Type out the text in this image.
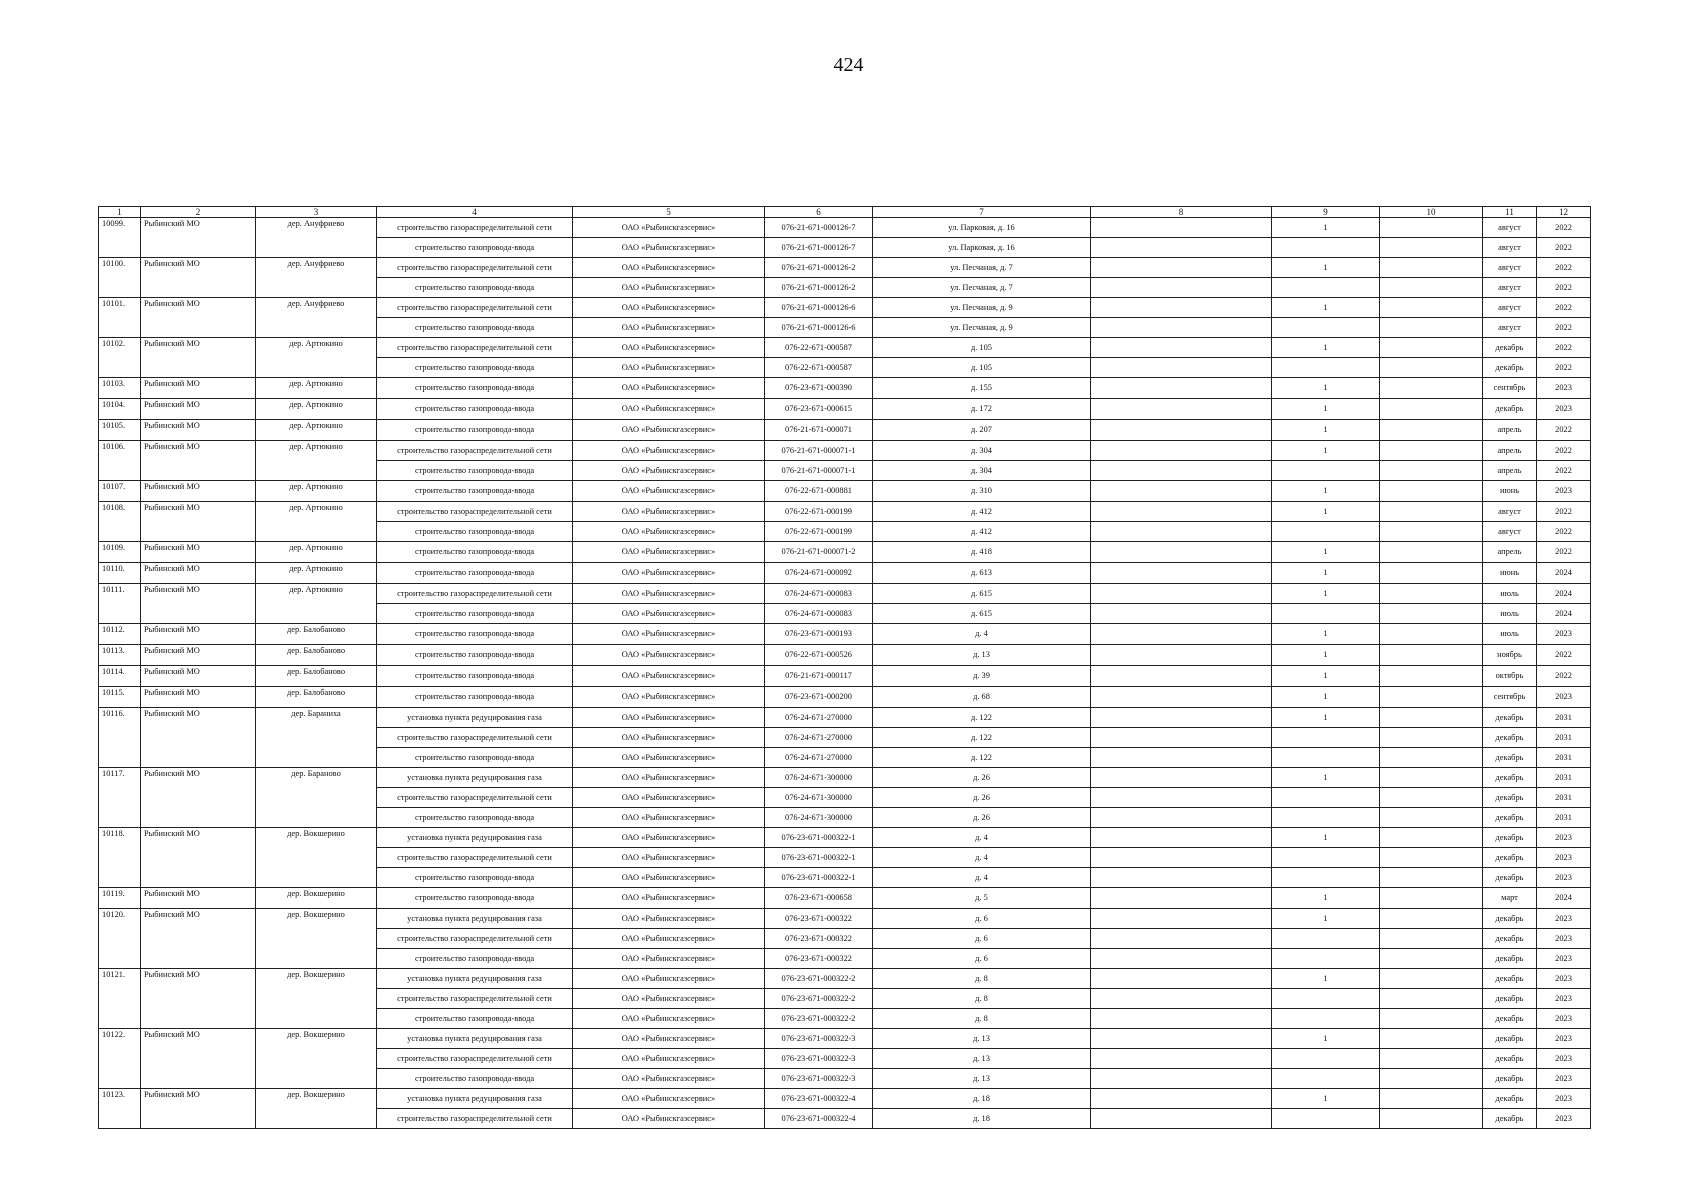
424
1	2	3	4	5	6	7	8	9	10	11	12
10099.	Рыбинский МО	дер. Ануфриево	строительство газораспределительной сети	ОАО «Рыбинскгазсервис»	076-21-671-000126-7	ул. Парковая, д. 16		1		август	2022
			строительство газопровода-ввода	ОАО «Рыбинскгазсервис»	076-21-671-000126-7	ул. Парковая, д. 16				август	2022
10100.	Рыбинский МО	дер. Ануфриево	строительство газораспределительной сети	ОАО «Рыбинскгазсервис»	076-21-671-000126-2	ул. Песчаная, д. 7		1		август	2022
			строительство газопровода-ввода	ОАО «Рыбинскгазсервис»	076-21-671-000126-2	ул. Песчаная, д. 7				август	2022
10101.	Рыбинский МО	дер. Ануфриево	строительство газораспределительной сети	ОАО «Рыбинскгазсервис»	076-21-671-000126-6	ул. Песчаная, д. 9		1		август	2022
			строительство газопровода-ввода	ОАО «Рыбинскгазсервис»	076-21-671-000126-6	ул. Песчаная, д. 9				август	2022
10102.	Рыбинский МО	дер. Артюкино	строительство газораспределительной сети	ОАО «Рыбинскгазсервис»	076-22-671-000587	д. 105		1		декабрь	2022
			строительство газопровода-ввода	ОАО «Рыбинскгазсервис»	076-22-671-000587	д. 105				декабрь	2022
10103.	Рыбинский МО	дер. Артюкино	строительство газопровода-ввода	ОАО «Рыбинскгазсервис»	076-23-671-000390	д. 155		1		сентябрь	2023
10104.	Рыбинский МО	дер. Артюкино	строительство газопровода-ввода	ОАО «Рыбинскгазсервис»	076-23-671-000615	д. 172		1		декабрь	2023
10105.	Рыбинский МО	дер. Артюкино	строительство газопровода-ввода	ОАО «Рыбинскгазсервис»	076-21-671-000071	д. 207		1		апрель	2022
10106.	Рыбинский МО	дер. Артюкино	строительство газораспределительной сети	ОАО «Рыбинскгазсервис»	076-21-671-000071-1	д. 304		1		апрель	2022
			строительство газопровода-ввода	ОАО «Рыбинскгазсервис»	076-21-671-000071-1	д. 304				апрель	2022
10107.	Рыбинский МО	дер. Артюкино	строительство газопровода-ввода	ОАО «Рыбинскгазсервис»	076-22-671-000881	д. 310		1		июнь	2023
10108.	Рыбинский МО	дер. Артюкино	строительство газораспределительной сети	ОАО «Рыбинскгазсервис»	076-22-671-000199	д. 412		1		август	2022
			строительство газопровода-ввода	ОАО «Рыбинскгазсервис»	076-22-671-000199	д. 412				август	2022
10109.	Рыбинский МО	дер. Артюкино	строительство газопровода-ввода	ОАО «Рыбинскгазсервис»	076-21-671-000071-2	д. 418		1		апрель	2022
10110.	Рыбинский МО	дер. Артюкино	строительство газопровода-ввода	ОАО «Рыбинскгазсервис»	076-24-671-000092	д. 613		1		июнь	2024
10111.	Рыбинский МО	дер. Артюкино	строительство газораспределительной сети	ОАО «Рыбинскгазсервис»	076-24-671-000083	д. 615		1		июль	2024
			строительство газопровода-ввода	ОАО «Рыбинскгазсервис»	076-24-671-000083	д. 615				июль	2024
10112.	Рыбинский МО	дер. Балобаново	строительство газопровода-ввода	ОАО «Рыбинскгазсервис»	076-23-671-000193	д. 4		1		июль	2023
10113.	Рыбинский МО	дер. Балобаново	строительство газопровода-ввода	ОАО «Рыбинскгазсервис»	076-22-671-000526	д. 13		1		ноябрь	2022
10114.	Рыбинский МО	дер. Балобаново	строительство газопровода-ввода	ОАО «Рыбинскгазсервис»	076-21-671-000117	д. 39		1		октябрь	2022
10115.	Рыбинский МО	дер. Балобаново	строительство газопровода-ввода	ОАО «Рыбинскгазсервис»	076-23-671-000200	д. 68		1		сентябрь	2023
10116.	Рыбинский МО	дер. Бараниха	установка пункта редуцирования газа	ОАО «Рыбинскгазсервис»	076-24-671-270000	д. 122		1		декабрь	2031
			строительство газораспределительной сети	ОАО «Рыбинскгазсервис»	076-24-671-270000	д. 122				декабрь	2031
			строительство газопровода-ввода	ОАО «Рыбинскгазсервис»	076-24-671-270000	д. 122				декабрь	2031
10117.	Рыбинский МО	дер. Бараново	установка пункта редуцирования газа	ОАО «Рыбинскгазсервис»	076-24-671-300000	д. 26		1		декабрь	2031
			строительство газораспределительной сети	ОАО «Рыбинскгазсервис»	076-24-671-300000	д. 26				декабрь	2031
			строительство газопровода-ввода	ОАО «Рыбинскгазсервис»	076-24-671-300000	д. 26				декабрь	2031
10118.	Рыбинский МО	дер. Вокшерино	установка пункта редуцирования газа	ОАО «Рыбинскгазсервис»	076-23-671-000322-1	д. 4		1		декабрь	2023
			строительство газораспределительной сети	ОАО «Рыбинскгазсервис»	076-23-671-000322-1	д. 4				декабрь	2023
			строительство газопровода-ввода	ОАО «Рыбинскгазсервис»	076-23-671-000322-1	д. 4				декабрь	2023
10119.	Рыбинский МО	дер. Вокшерино	строительство газопровода-ввода	ОАО «Рыбинскгазсервис»	076-23-671-000658	д. 5		1		март	2024
10120.	Рыбинский МО	дер. Вокшерино	установка пункта редуцирования газа	ОАО «Рыбинскгазсервис»	076-23-671-000322	д. 6		1		декабрь	2023
			строительство газораспределительной сети	ОАО «Рыбинскгазсервис»	076-23-671-000322	д. 6				декабрь	2023
			строительство газопровода-ввода	ОАО «Рыбинскгазсервис»	076-23-671-000322	д. 6				декабрь	2023
10121.	Рыбинский МО	дер. Вокшерино	установка пункта редуцирования газа	ОАО «Рыбинскгазсервис»	076-23-671-000322-2	д. 8		1		декабрь	2023
			строительство газораспределительной сети	ОАО «Рыбинскгазсервис»	076-23-671-000322-2	д. 8				декабрь	2023
			строительство газопровода-ввода	ОАО «Рыбинскгазсервис»	076-23-671-000322-2	д. 8				декабрь	2023
10122.	Рыбинский МО	дер. Вокшерино	установка пункта редуцирования газа	ОАО «Рыбинскгазсервис»	076-23-671-000322-3	д. 13		1		декабрь	2023
			строительство газораспределительной сети	ОАО «Рыбинскгазсервис»	076-23-671-000322-3	д. 13				декабрь	2023
			строительство газопровода-ввода	ОАО «Рыбинскгазсервис»	076-23-671-000322-3	д. 13				декабрь	2023
10123.	Рыбинский МО	дер. Вокшерино	установка пункта редуцирования газа	ОАО «Рыбинскгазсервис»	076-23-671-000322-4	д. 18		1		декабрь	2023
			строительство газораспределительной сети	ОАО «Рыбинскгазсервис»	076-23-671-000322-4	д. 18				декабрь	2023
